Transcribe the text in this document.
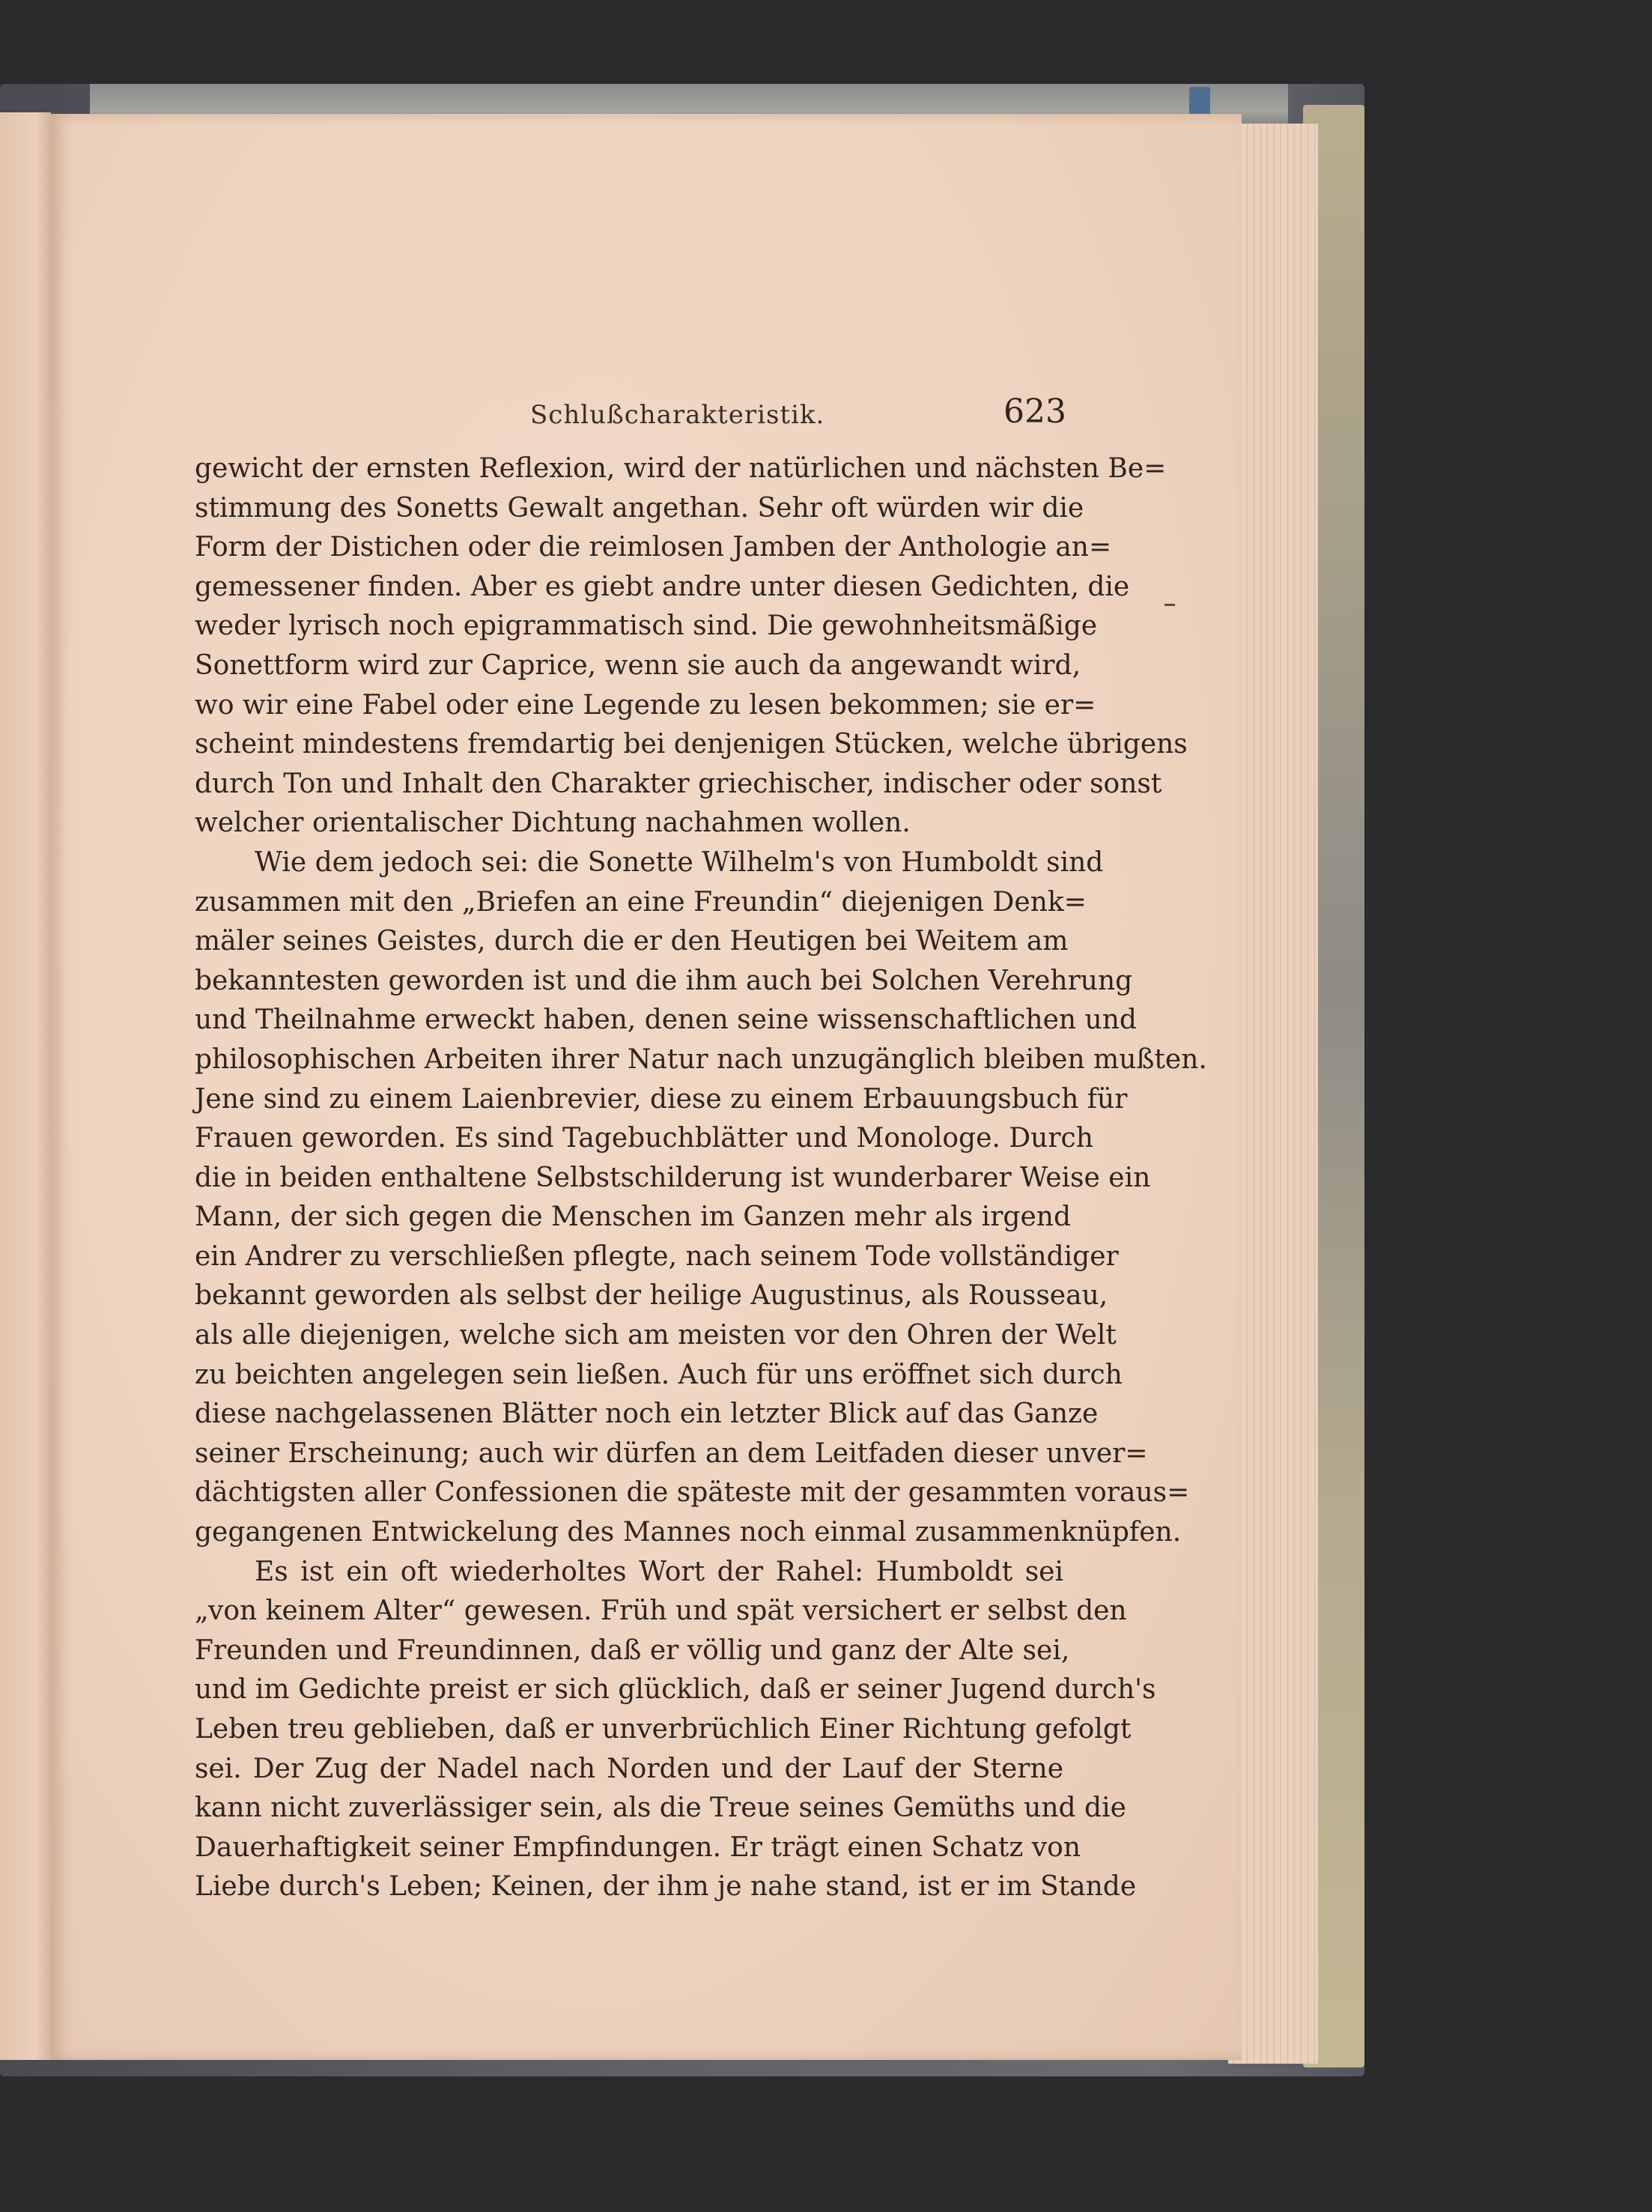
Schlußcharakteristik.	623
gewicht der ernsten Reflexion, wird der natürlichen und nächsten Be=
stimmung des Sonetts Gewalt angethan. Sehr oft würden wir die
Form der Distichen oder die reimlosen Jamben der Anthologie an=
gemessener finden. Aber es giebt andre unter diesen Gedichten, die
weder lyrisch noch epigrammatisch sind. Die gewohnheitsmäßige
Sonettform wird zur Caprice, wenn sie auch da angewandt wird,
wo wir eine Fabel oder eine Legende zu lesen bekommen; sie er=
scheint mindestens fremdartig bei denjenigen Stücken, welche übrigens
durch Ton und Inhalt den Charakter griechischer, indischer oder sonst
welcher orientalischer Dichtung nachahmen wollen.
Wie dem jedoch sei: die Sonette Wilhelm's von Humboldt sind
zusammen mit den „Briefen an eine Freundin“ diejenigen Denk=
mäler seines Geistes, durch die er den Heutigen bei Weitem am
bekanntesten geworden ist und die ihm auch bei Solchen Verehrung
und Theilnahme erweckt haben, denen seine wissenschaftlichen und
philosophischen Arbeiten ihrer Natur nach unzugänglich bleiben mußten.
Jene sind zu einem Laienbrevier, diese zu einem Erbauungsbuch für
Frauen geworden. Es sind Tagebuchblätter und Monologe. Durch
die in beiden enthaltene Selbstschilderung ist wunderbarer Weise ein
Mann, der sich gegen die Menschen im Ganzen mehr als irgend
ein Andrer zu verschließen pflegte, nach seinem Tode vollständiger
bekannt geworden als selbst der heilige Augustinus, als Rousseau,
als alle diejenigen, welche sich am meisten vor den Ohren der Welt
zu beichten angelegen sein ließen. Auch für uns eröffnet sich durch
diese nachgelassenen Blätter noch ein letzter Blick auf das Ganze
seiner Erscheinung; auch wir dürfen an dem Leitfaden dieser unver=
dächtigsten aller Confessionen die späteste mit der gesammten voraus=
gegangenen Entwickelung des Mannes noch einmal zusammenknüpfen.
Es ist ein oft wiederholtes Wort der Rahel: Humboldt sei
„von keinem Alter“ gewesen. Früh und spät versichert er selbst den
Freunden und Freundinnen, daß er völlig und ganz der Alte sei,
und im Gedichte preist er sich glücklich, daß er seiner Jugend durch's
Leben treu geblieben, daß er unverbrüchlich Einer Richtung gefolgt
sei. Der Zug der Nadel nach Norden und der Lauf der Sterne
kann nicht zuverlässiger sein, als die Treue seines Gemüths und die
Dauerhaftigkeit seiner Empfindungen. Er trägt einen Schatz von
Liebe durch's Leben; Keinen, der ihm je nahe stand, ist er im Stande
